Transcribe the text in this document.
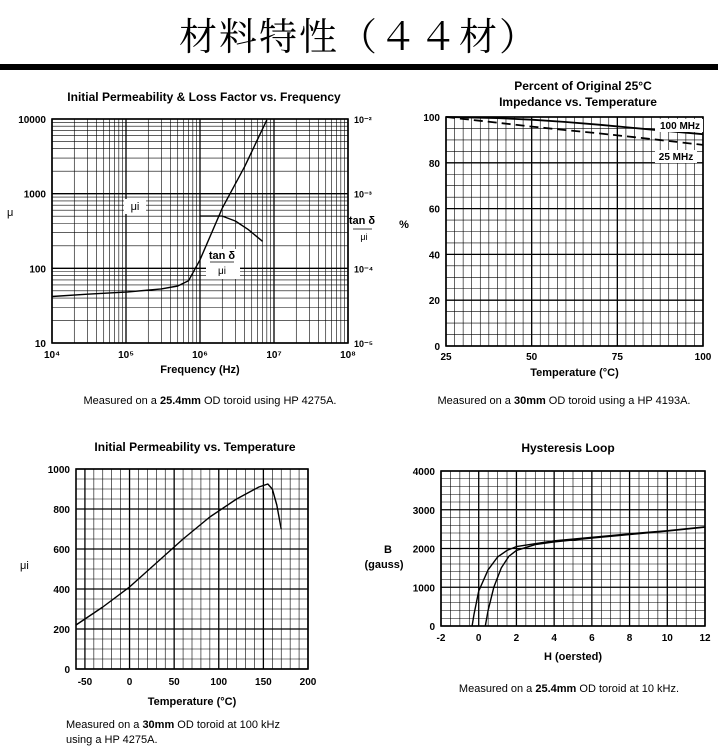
材料特性（４４材）
Initial Permeability & Loss Factor vs. Frequency
10⁴	10⁵	10⁶	10⁷	10⁸
10
100
1000
10000
10⁻⁵
10⁻⁴
10⁻³
10⁻²
Frequency (Hz)
μ
tan δ
μi
μi
tan δ
μi
Percent of Original 25°C
Impedance vs. Temperature
25	50	75	100
0
20
40
60
80
100
Temperature (°C)
%
100 MHz
25 MHz
Initial Permeability vs. Temperature
-50	0	50	100	150	200
0
200
400
600
800
1000
Temperature (°C)
μi
Hysteresis Loop
-2	0	2	4	6	8	10	12
0
1000
2000
3000
4000
H (oersted)
B
(gauss)
Measured on a 25.4mm OD toroid using HP 4275A.	Measured on a 30mm OD toroid using a HP 4193A.
Measured on a 30mm OD toroid at 100 kHz
using a HP 4275A.
Measured on a 25.4mm OD toroid at 10 kHz.
